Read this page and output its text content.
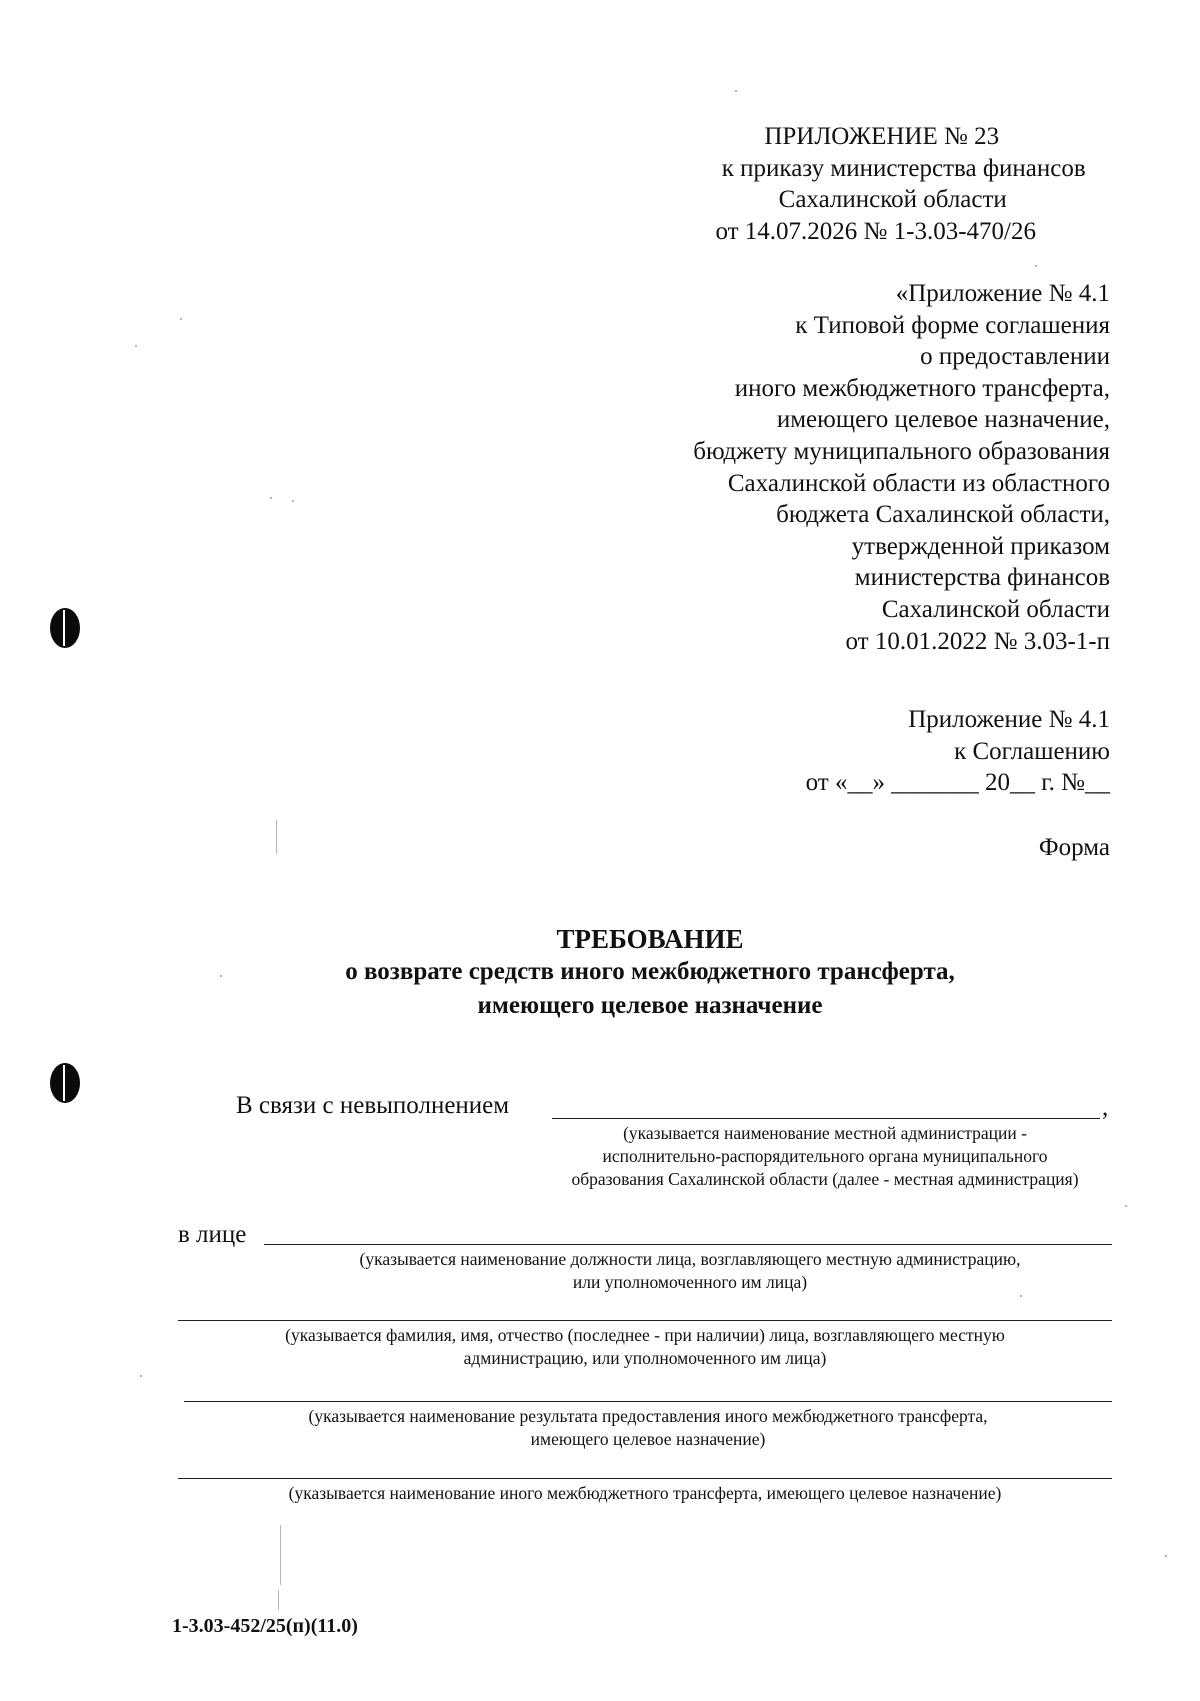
ПРИЛОЖЕНИЕ № 23
к приказу министерства финансов
Сахалинской области
от 14.07.2026 № 1-3.03-470/26
«Приложение № 4.1
к Типовой форме соглашения
о предоставлении
иного межбюджетного трансферта,
имеющего целевое назначение,
бюджету муниципального образования
Сахалинской области из областного
бюджета Сахалинской области,
утвержденной приказом
министерства финансов
Сахалинской области
от 10.01.2022 № 3.03-1-п
Приложение № 4.1
к Соглашению
от «__» _______ 20__ г. №__
Форма
ТРЕБОВАНИЕ
о возврате средств иного межбюджетного трансферта,
имеющего целевое назначение
В связи с невыполнением	,
(указывается наименование местной администрации -
исполнительно-распорядительного органа муниципального
образования Сахалинской области (далее - местная администрация)
в лице
(указывается наименование должности лица, возглавляющего местную администрацию,
или уполномоченного им лица)
(указывается фамилия, имя, отчество (последнее - при наличии) лица, возглавляющего местную
администрацию, или уполномоченного им лица)
(указывается наименование результата предоставления иного межбюджетного трансферта,
имеющего целевое назначение)
(указывается наименование иного межбюджетного трансферта, имеющего целевое назначение)
1-3.03-452/25(п)(11.0)
